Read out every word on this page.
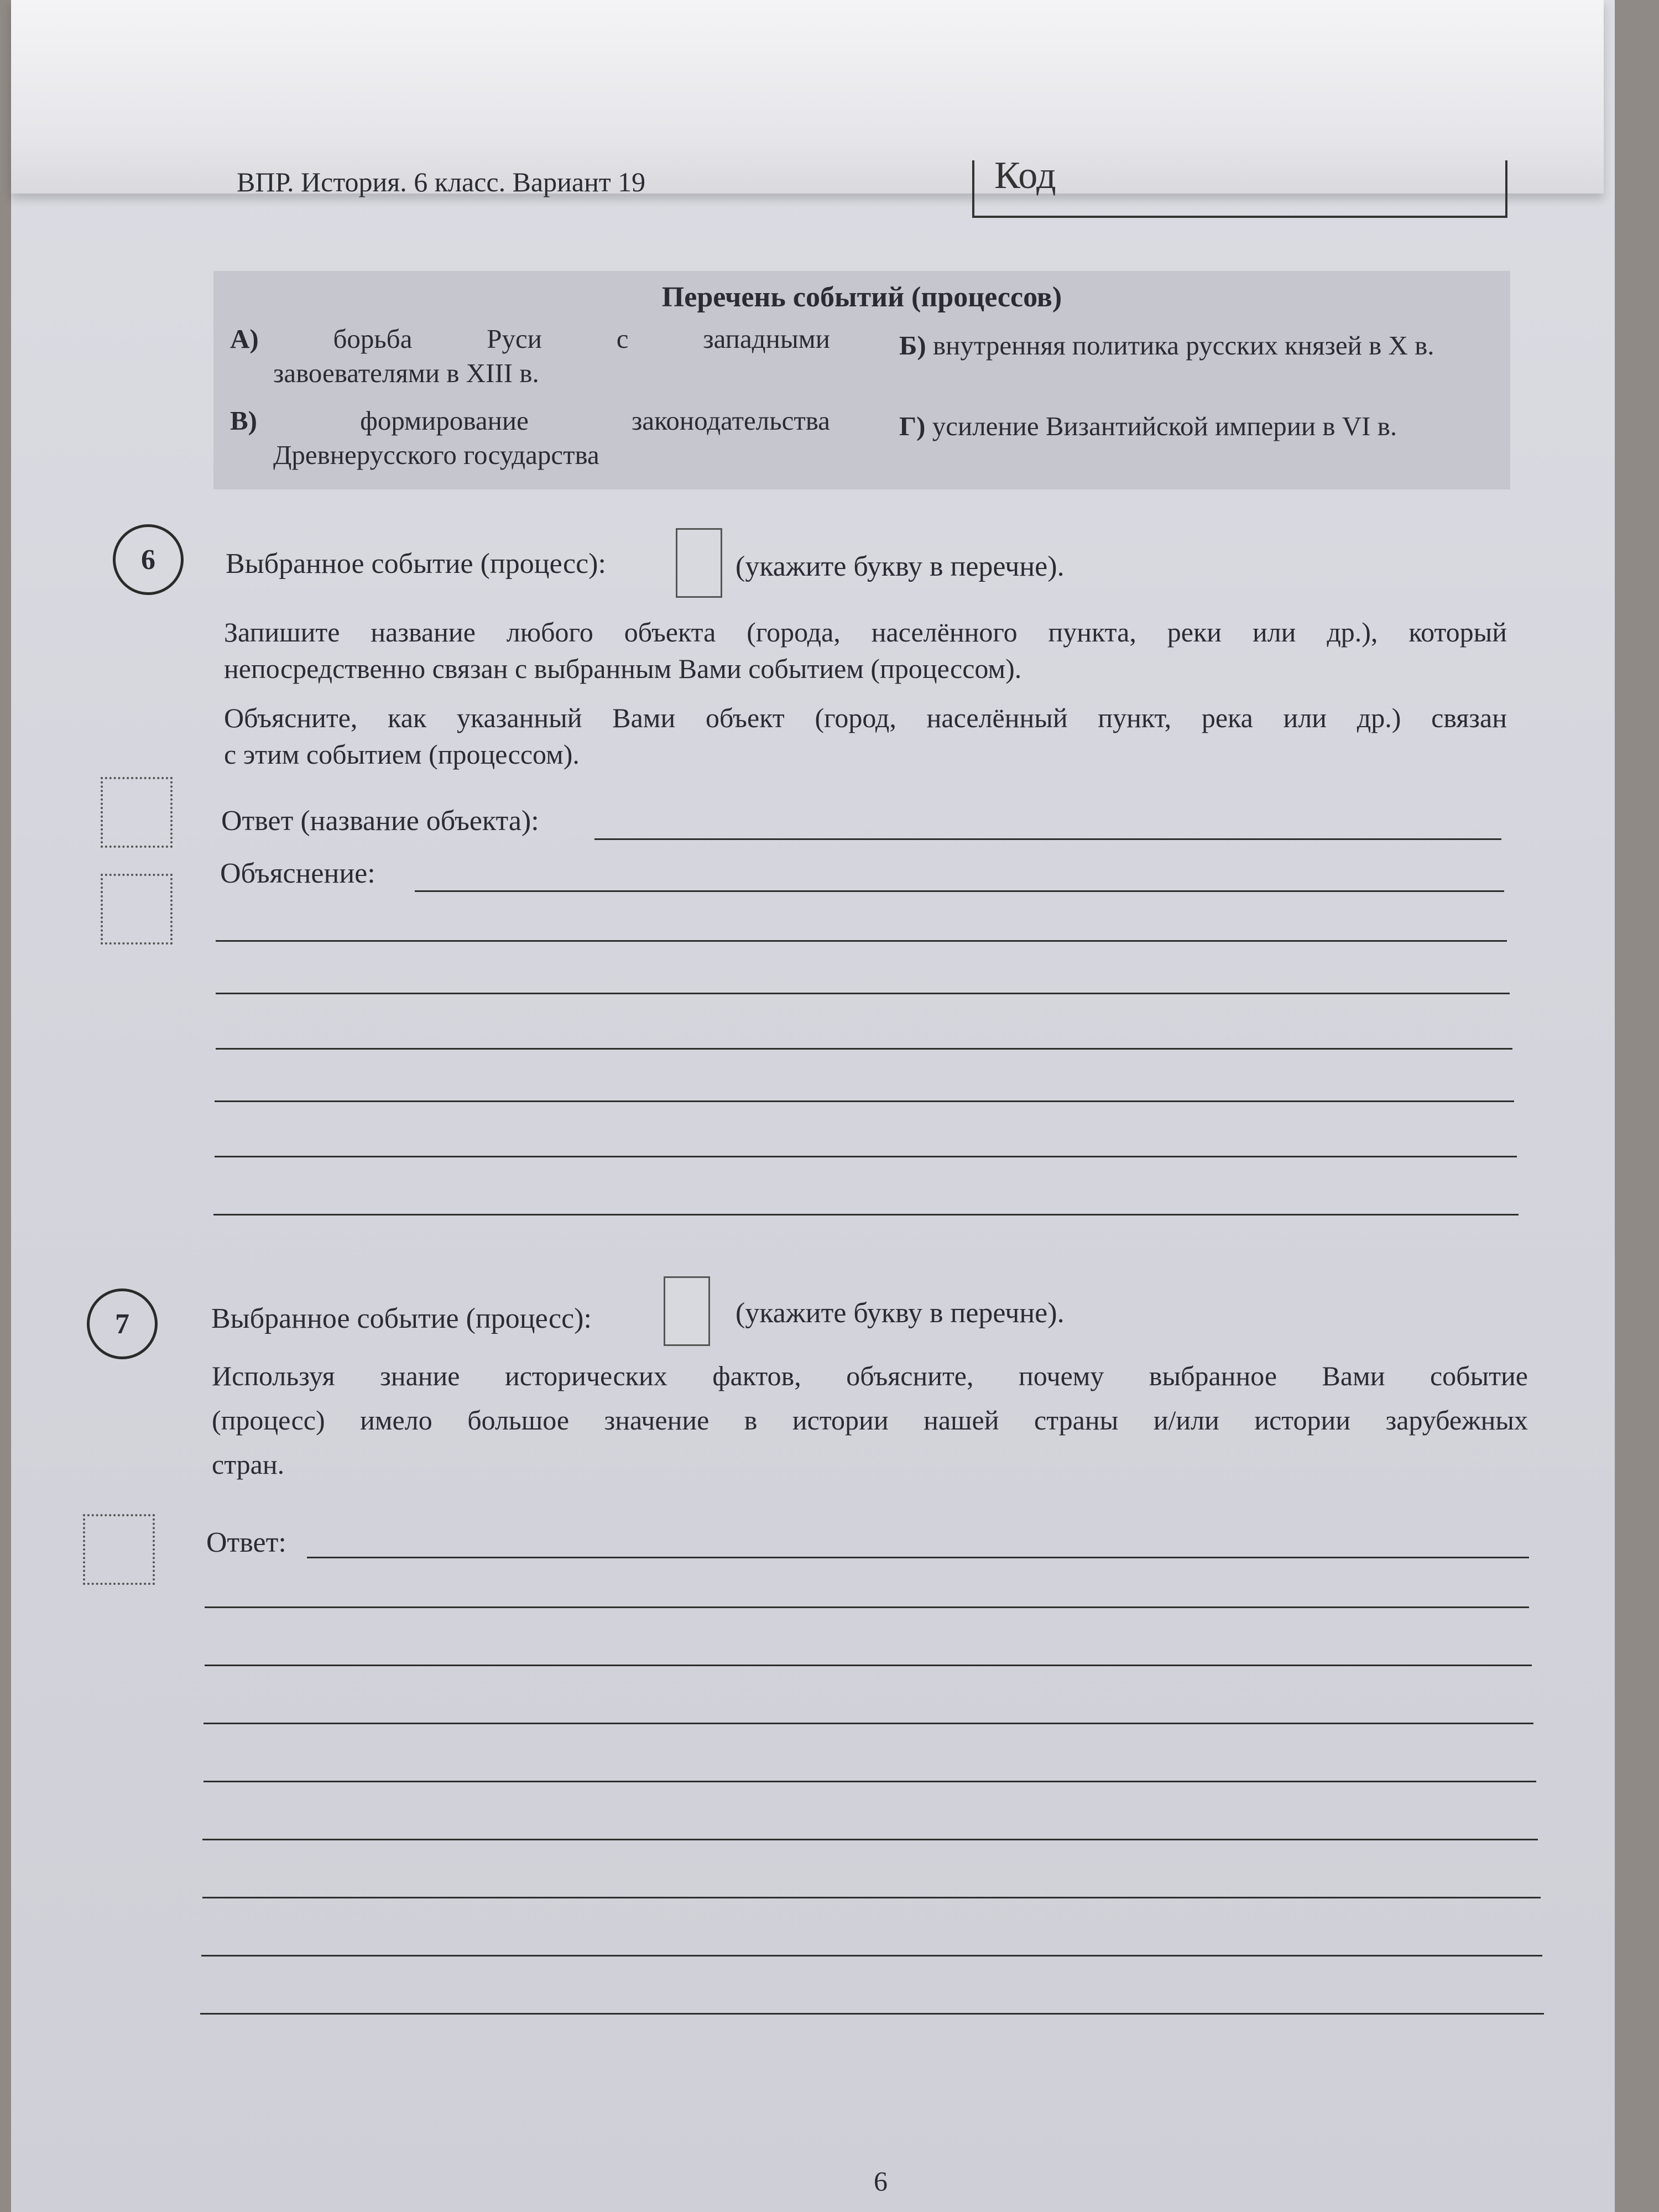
ВПР. История. 6 класс. Вариант 19	Код
Перечень событий (процессов)
А)	борьба Руси с западными
завоевателями в XIII в.
Б) внутренняя политика русских князей в X в.
В)	формирование законодательства
Древнерусского государства
Г) усиление Византийской империи в VI в.
6	Выбранное событие (процесс):	(укажите букву в перечне).
Запишите название любого объекта (города, населённого пункта, реки или др.), который
непосредственно связан с выбранным Вами событием (процессом).
Объясните, как указанный Вами объект (город, населённый пункт, река или др.) связан
с этим событием (процессом).
Ответ (название объекта):
Объяснение:
7	Выбранное событие (процесс):	(укажите букву в перечне).
Используя знание исторических фактов, объясните, почему выбранное Вами событие
(процесс) имело большое значение в истории нашей страны и/или истории зарубежных
стран.
Ответ:
6
